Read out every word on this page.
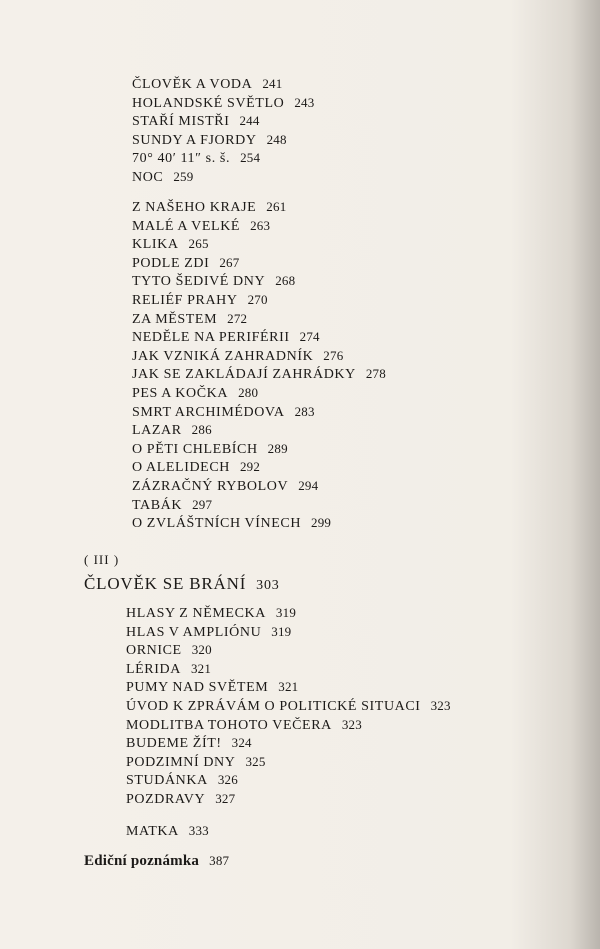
ČLOVĚK A VODA 241
HOLANDSKÉ SVĚTLO 243
STAŘÍ MISTŘI 244
SUNDY A FJORDY 248
70° 40′ 11″ s. š. 254
NOC 259
Z NAŠEHO KRAJE 261
MALÉ A VELKÉ 263
KLIKA 265
PODLE ZDI 267
TYTO ŠEDIVÉ DNY 268
RELIÉF PRAHY 270
ZA MĚSTEM 272
NEDĚLE NA PERIFÉRII 274
JAK VZNIKÁ ZAHRADNÍK 276
JAK SE ZAKLÁDAJÍ ZAHRÁDKY 278
PES A KOČKA 280
SMRT ARCHIMÉDOVA 283
LAZAR 286
O PĚTI CHLEBÍCH 289
O ALELIDECH 292
ZÁZRAČNÝ RYBOLOV 294
TABÁK 297
O ZVLÁŠTNÍCH VÍNECH 299
( III )
ČLOVĚK SE BRÁNÍ 303
HLASY Z NĚMECKA 319
HLAS V AMPLIÓNU 319
ORNICE 320
LÉRIDA 321
PUMY NAD SVĚTEM 321
ÚVOD K ZPRÁVÁM O POLITICKÉ SITUACI 323
MODLITBA TOHOTO VEČERA 323
BUDEME ŽÍT! 324
PODZIMNÍ DNY 325
STUDÁNKA 326
POZDRAVY 327
MATKA 333
Ediční poznámka 387
